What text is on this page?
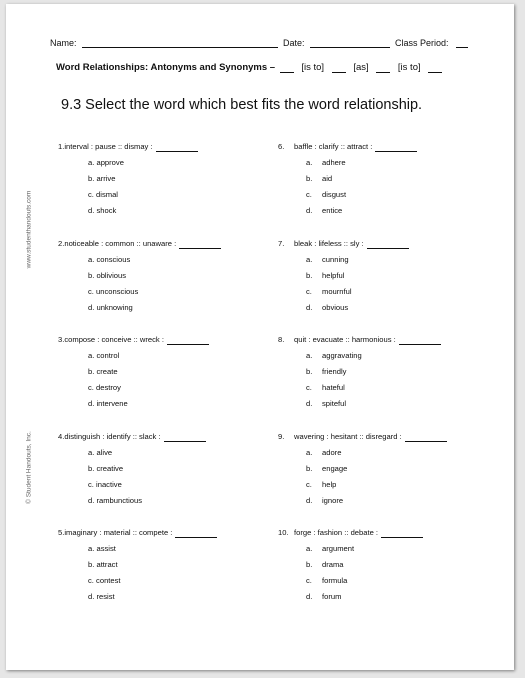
www.studenthandouts.com
© Student Handouts, Inc.
Name:	Date:	Class Period:
Word Relationships: Antonyms and Synonyms –	[is to]	[as]	[is to]
9.3 Select the word which best fits the word relationship.
1.interval : pause :: dismay :
a. approve
b. arrive
c. dismal
d. shock
2.noticeable : common :: unaware :
a. conscious
b. oblivious
c. unconscious
d. unknowing
3.compose : conceive :: wreck :
a. control
b. create
c. destroy
d. intervene
4.distinguish : identify :: slack :
a. alive
b. creative
c. inactive
d. rambunctious
5.imaginary : material :: compete :
a. assist
b. attract
c. contest
d. resist
6. baffle : clarify :: attract :
a. adhere
b. aid
c. disgust
d. entice
7. bleak : lifeless :: sly :
a. cunning
b. helpful
c. mournful
d. obvious
8. quit : evacuate :: harmonious :
a. aggravating
b. friendly
c. hateful
d. spiteful
9. wavering : hesitant :: disregard :
a. adore
b. engage
c. help
d. ignore
10. forge : fashion :: debate :
a. argument
b. drama
c. formula
d. forum
